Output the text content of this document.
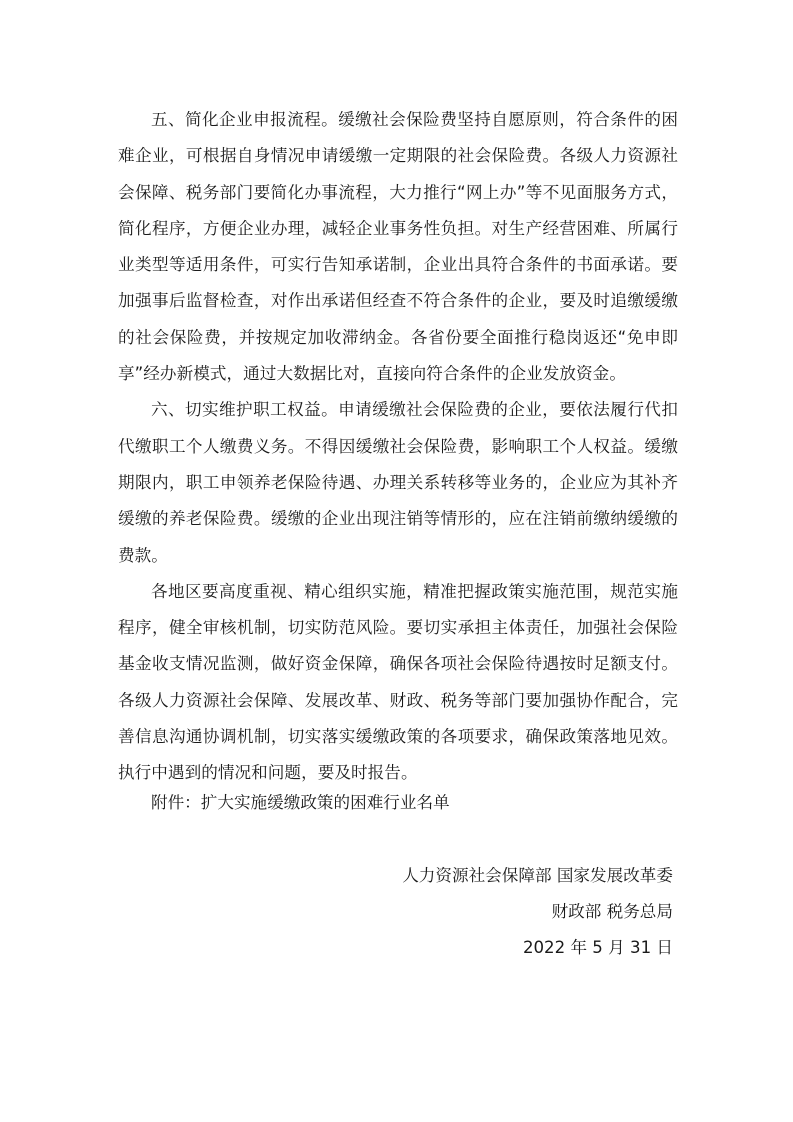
五、简化企业申报流程。缓缴社会保险费坚持自愿原则，符合条件的困难企业，可根据自身情况申请缓缴一定期限的社会保险费。各级人力资源社会保障、税务部门要简化办事流程，大力推行“网上办”等不见面服务方式，简化程序，方便企业办理，减轻企业事务性负担。对生产经营困难、所属行业类型等适用条件，可实行告知承诺制，企业出具符合条件的书面承诺。要加强事后监督检查，对作出承诺但经查不符合条件的企业，要及时追缴缓缴的社会保险费，并按规定加收滞纳金。各省份要全面推行稳岗返还“免申即享”经办新模式，通过大数据比对，直接向符合条件的企业发放资金。

六、切实维护职工权益。申请缓缴社会保险费的企业，要依法履行代扣代缴职工个人缴费义务。不得因缓缴社会保险费，影响职工个人权益。缓缴期限内，职工申领养老保险待遇、办理关系转移等业务的，企业应为其补齐缓缴的养老保险费。缓缴的企业出现注销等情形的，应在注销前缴纳缓缴的费款。

各地区要高度重视、精心组织实施，精准把握政策实施范围，规范实施程序，健全审核机制，切实防范风险。要切实承担主体责任，加强社会保险基金收支情况监测，做好资金保障，确保各项社会保险待遇按时足额支付。各级人力资源社会保障、发展改革、财政、税务等部门要加强协作配合，完善信息沟通协调机制，切实落实缓缴政策的各项要求，确保政策落地见效。执行中遇到的情况和问题，要及时报告。

附件：扩大实施缓缴政策的困难行业名单

人力资源社会保障部 国家发展改革委

财政部 税务总局

2022 年 5 月 31 日
